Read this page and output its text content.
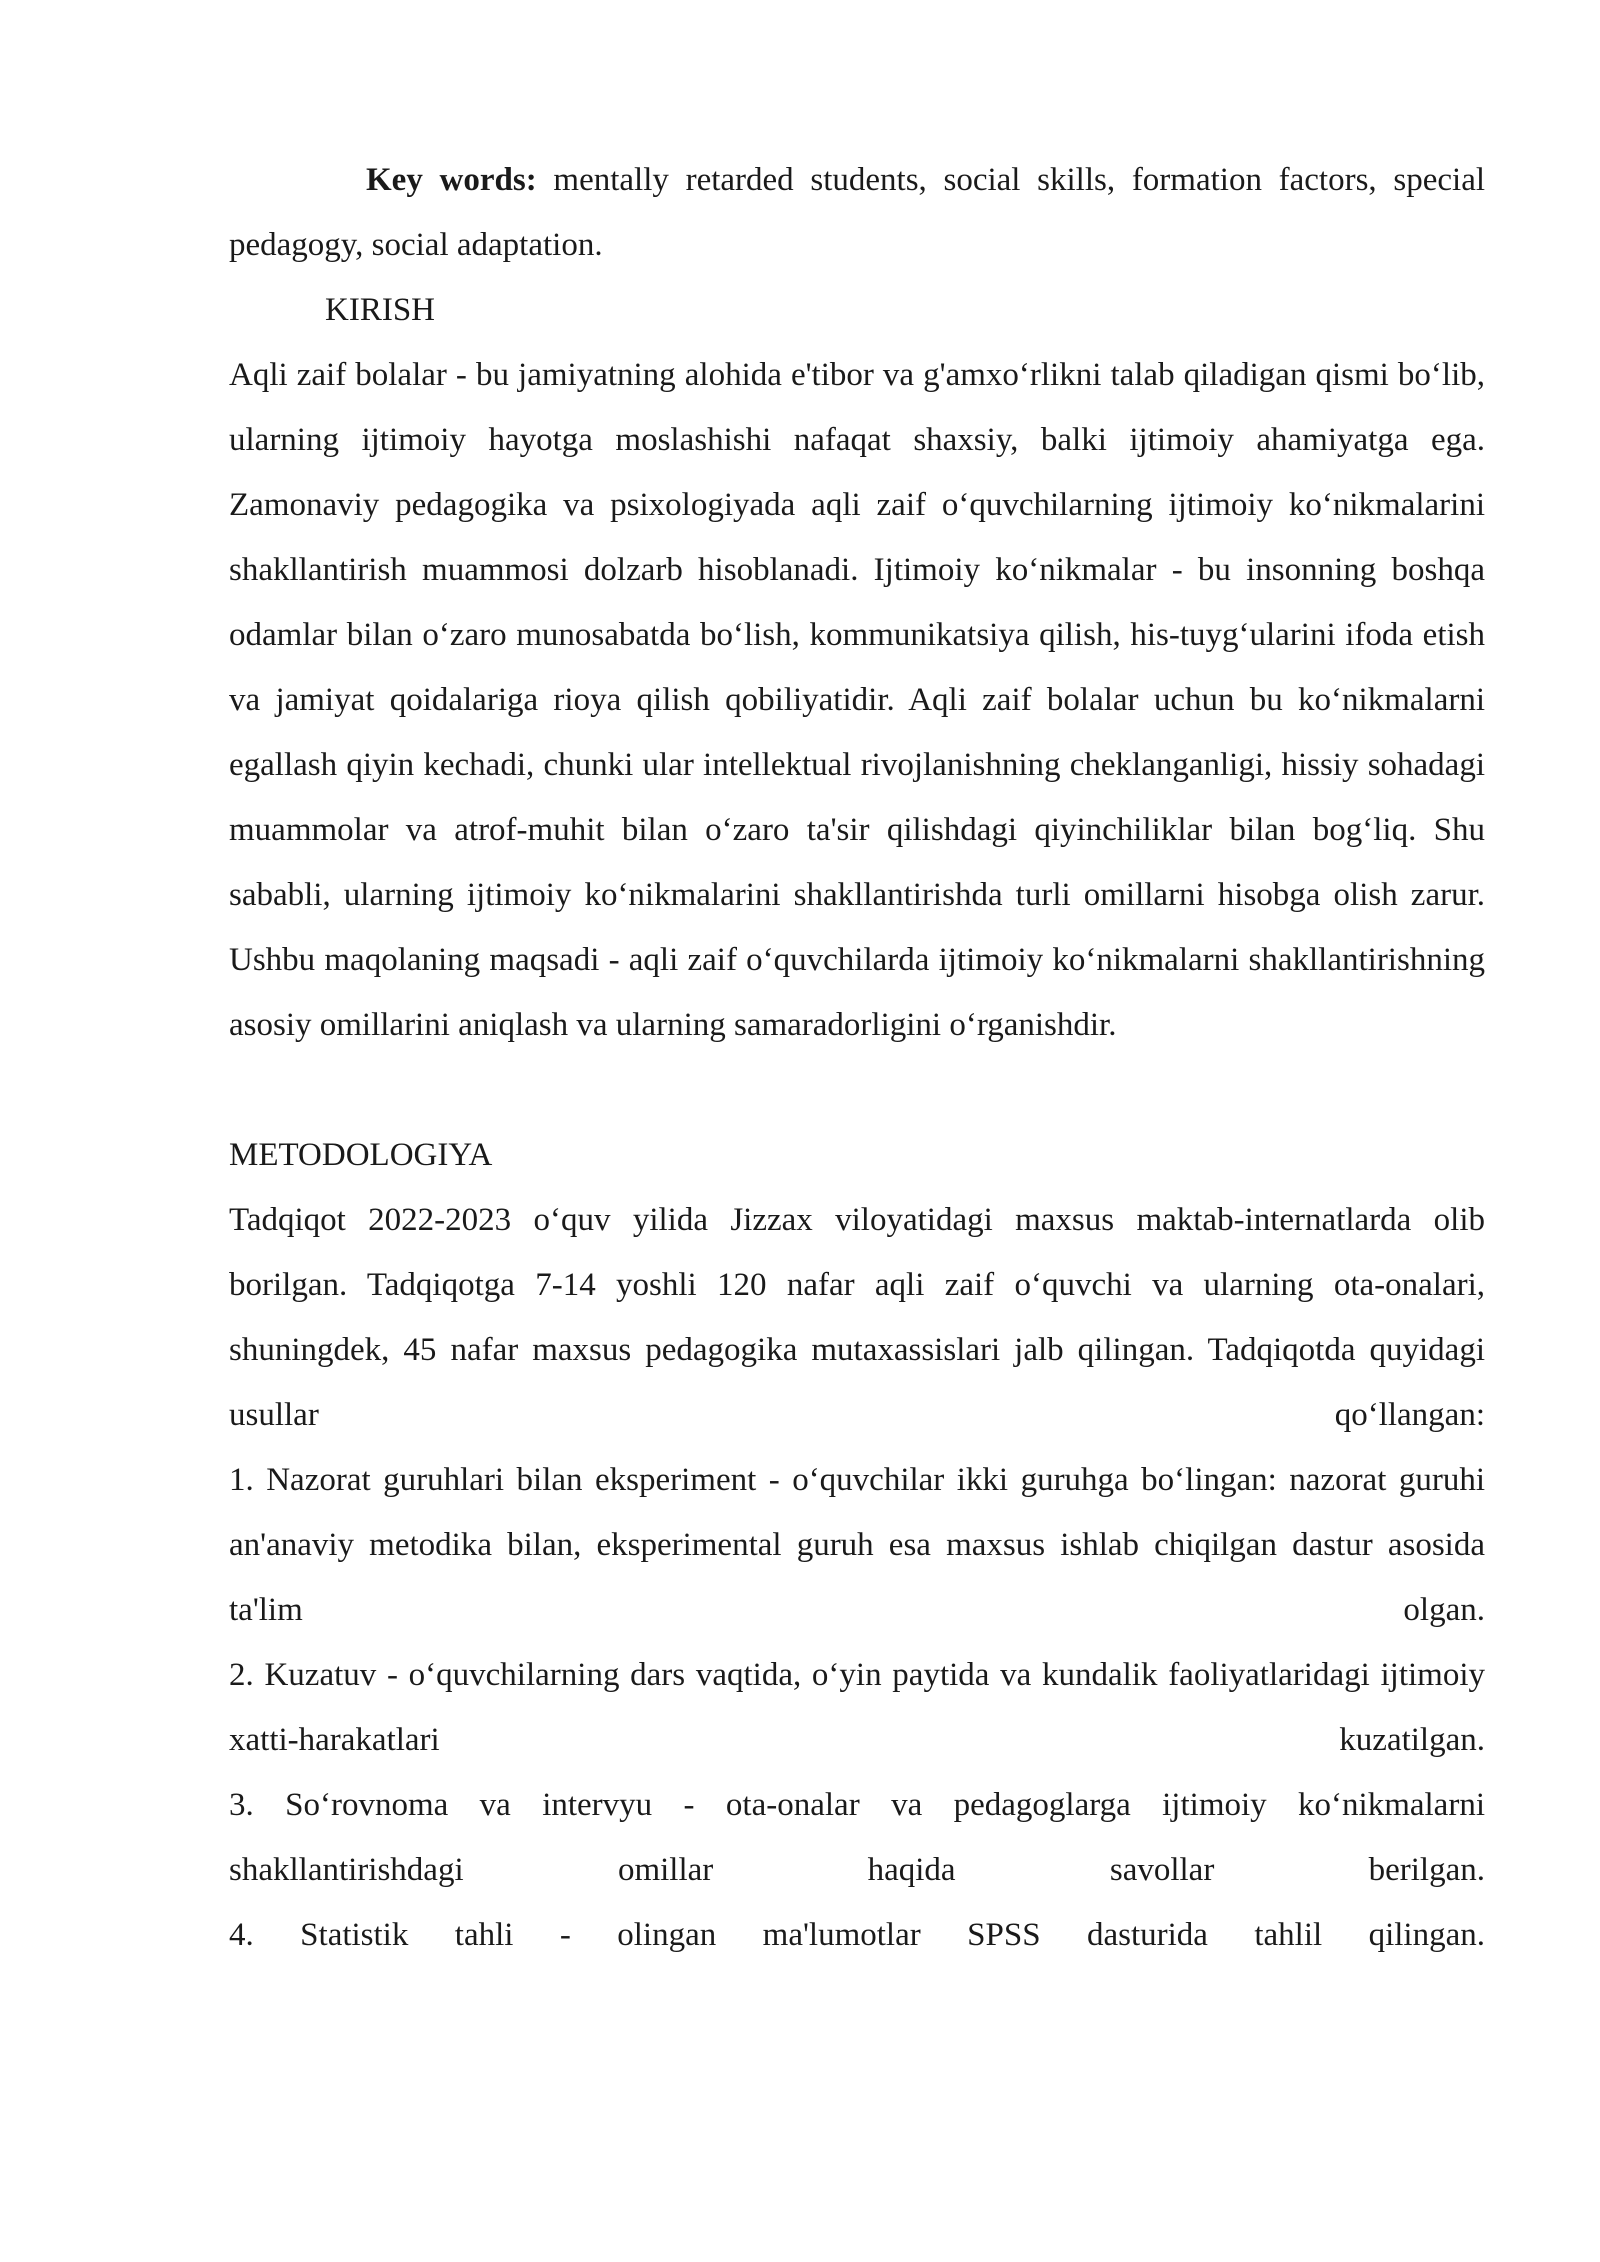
Key words: mentally retarded students, social skills, formation factors, special pedagogy, social adaptation.

KIRISH

Aqli zaif bolalar - bu jamiyatning alohida e'tibor va g'amxo‘rlikni talab qiladigan qismi bo‘lib, ularning ijtimoiy hayotga moslashishi nafaqat shaxsiy, balki ijtimoiy ahamiyatga ega. Zamonaviy pedagogika va psixologiyada aqli zaif o‘quvchilarning ijtimoiy ko‘nikmalarini shakllantirish muammosi dolzarb hisoblanadi. Ijtimoiy ko‘nikmalar - bu insonning boshqa odamlar bilan o‘zaro munosabatda bo‘lish, kommunikatsiya qilish, his-tuyg‘ularini ifoda etish va jamiyat qoidalariga rioya qilish qobiliyatidir. Aqli zaif bolalar uchun bu ko‘nikmalarni egallash qiyin kechadi, chunki ular intellektual rivojlanishning cheklanganligi, hissiy sohadagi muammolar va atrof-muhit bilan o‘zaro ta'sir qilishdagi qiyinchiliklar bilan bog‘liq. Shu sababli, ularning ijtimoiy ko‘nikmalarini shakllantirishda turli omillarni hisobga olish zarur. Ushbu maqolaning maqsadi - aqli zaif o‘quvchilarda ijtimoiy ko‘nikmalarni shakllantirishning asosiy omillarini aniqlash va ularning samaradorligini o‘rganishdir.

METODOLOGIYA

Tadqiqot 2022-2023 o‘quv yilida Jizzax viloyatidagi maxsus maktab-internatlarda olib borilgan. Tadqiqotga 7-14 yoshli 120 nafar aqli zaif o‘quvchi va ularning ota-onalari, shuningdek, 45 nafar maxsus pedagogika mutaxassislari jalb qilingan. Tadqiqotda quyidagi usullar qo‘llangan:

1. Nazorat guruhlari bilan eksperiment - o‘quvchilar ikki guruhga bo‘lingan: nazorat guruhi an'anaviy metodika bilan, eksperimental guruh esa maxsus ishlab chiqilgan dastur asosida ta'lim olgan.

2. Kuzatuv - o‘quvchilarning dars vaqtida, o‘yin paytida va kundalik faoliyatlaridagi ijtimoiy xatti-harakatlari kuzatilgan.

3. So‘rovnoma va intervyu - ota-onalar va pedagoglarga ijtimoiy ko‘nikmalarni shakllantirishdagi omillar haqida savollar berilgan.

4. Statistik tahli - olingan ma'lumotlar SPSS dasturida tahlil qilingan.
